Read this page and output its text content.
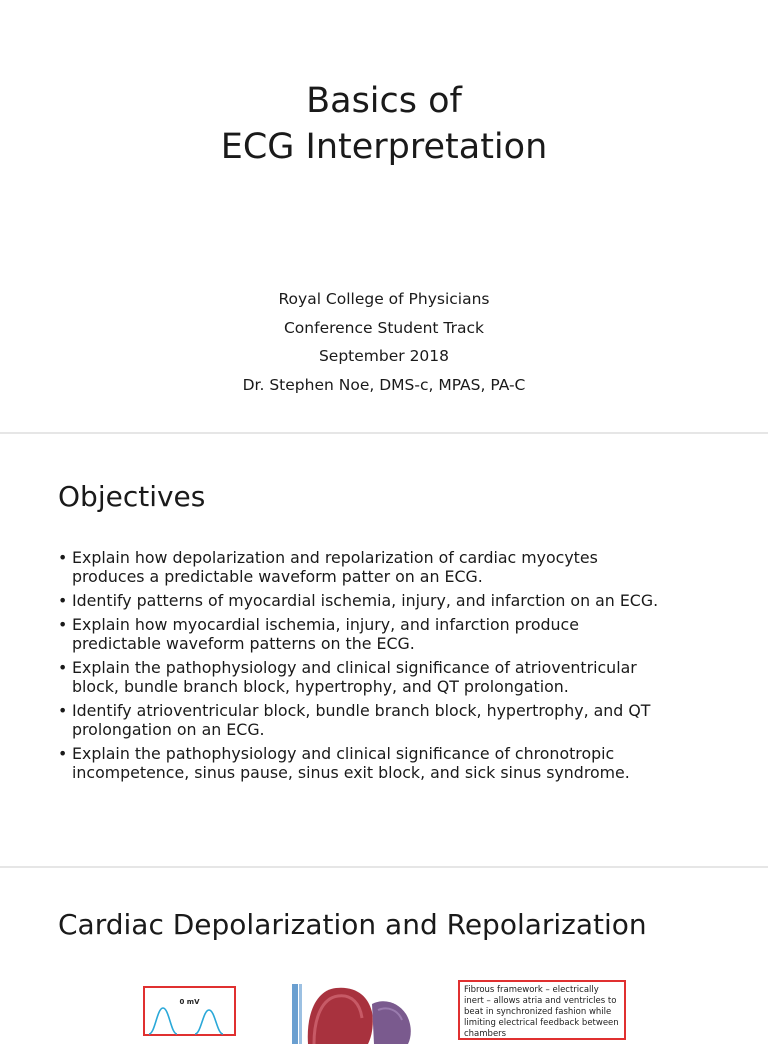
Basics of
ECG Interpretation
Royal College of Physicians
Conference Student Track
September 2018
Dr. Stephen Noe, DMS-c, MPAS, PA-C
Objectives
• Explain how depolarization and repolarization of cardiac myocytes
produces a predictable waveform patter on an ECG.
• Identify patterns of myocardial ischemia, injury, and infarction on an ECG.
• Explain how myocardial ischemia, injury, and infarction produce
predictable waveform patterns on the ECG.
• Explain the pathophysiology and clinical significance of atrioventricular
block, bundle branch block, hypertrophy, and QT prolongation.
• Identify atrioventricular block, bundle branch block, hypertrophy, and QT
prolongation on an ECG.
• Explain the pathophysiology and clinical significance of chronotropic
incompetence, sinus pause, sinus exit block, and sick sinus syndrome.
Cardiac Depolarization and Repolarization
0 mV
Fibrous framework – electrically inert – allows atria and ventricles to beat in synchronized fashion while limiting electrical feedback between chambers
